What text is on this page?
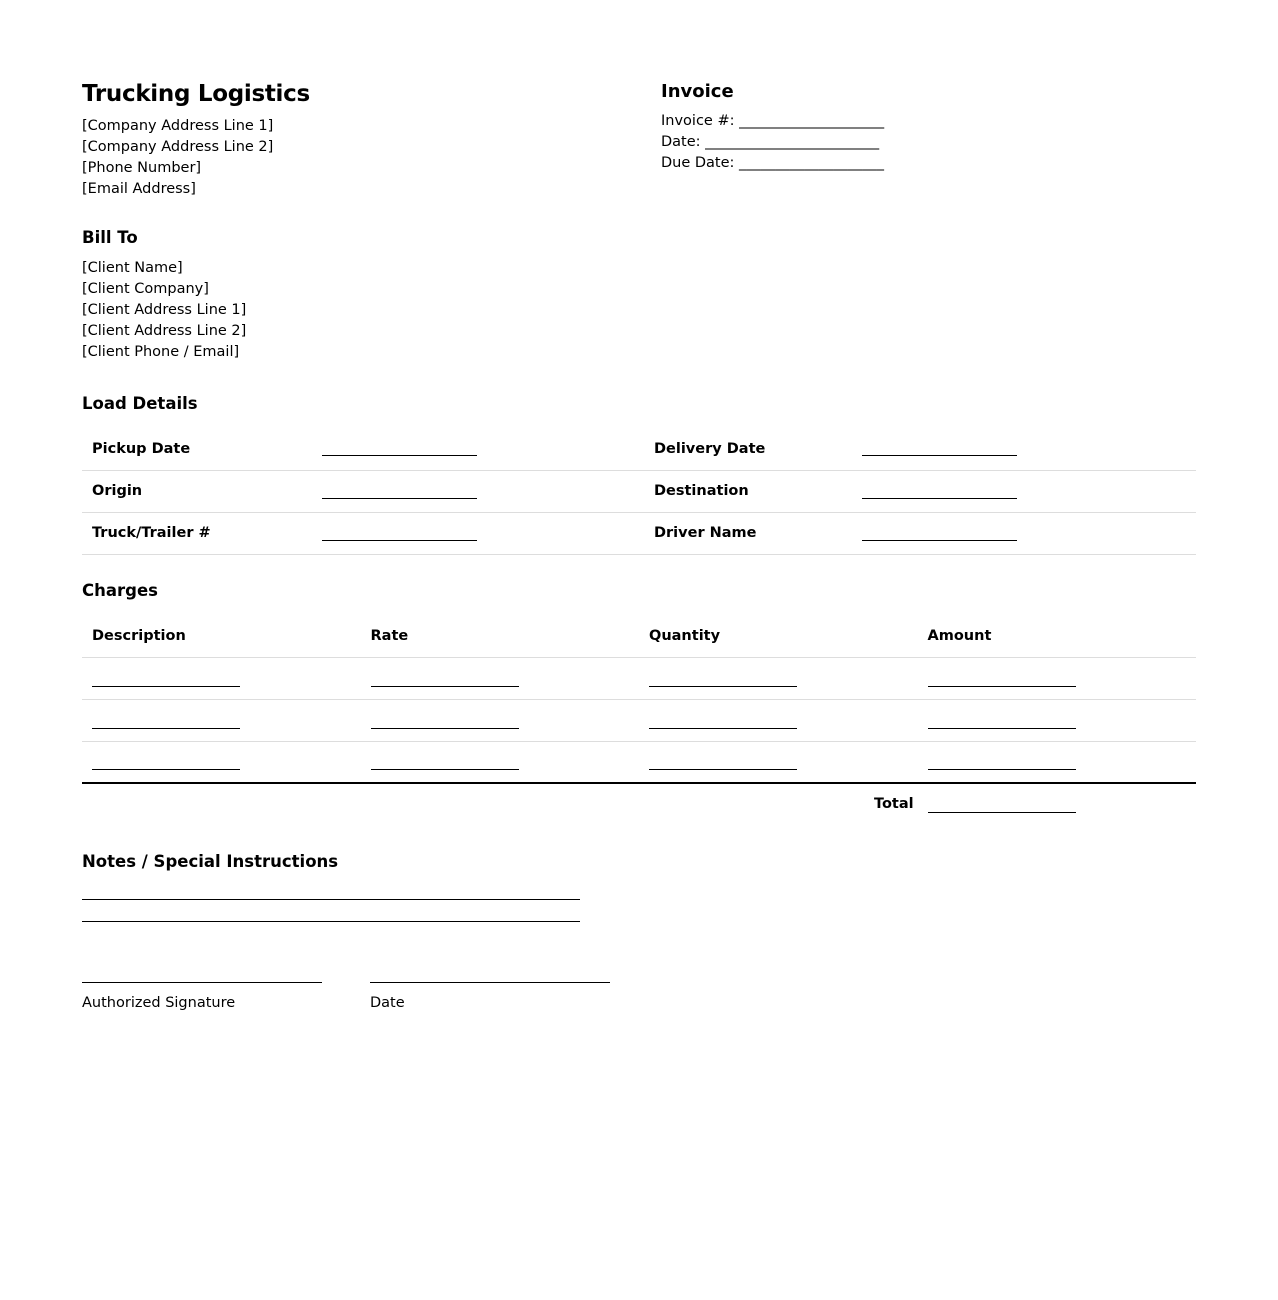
Trucking Logistics
[Company Address Line 1]
[Company Address Line 2]
[Phone Number]
[Email Address]
Invoice
Invoice #: ____________________
Date: ________________________
Due Date: ____________________
Bill To
[Client Name]
[Client Company]
[Client Address Line 1]
[Client Address Line 2]
[Client Phone / Email]
Load Details
Pickup Date		Delivery Date	
Origin		Destination	
Truck/Trailer #		Driver Name	
Charges
Description	Rate	Quantity	Amount

Total
Notes / Special Instructions
Authorized Signature	Date
